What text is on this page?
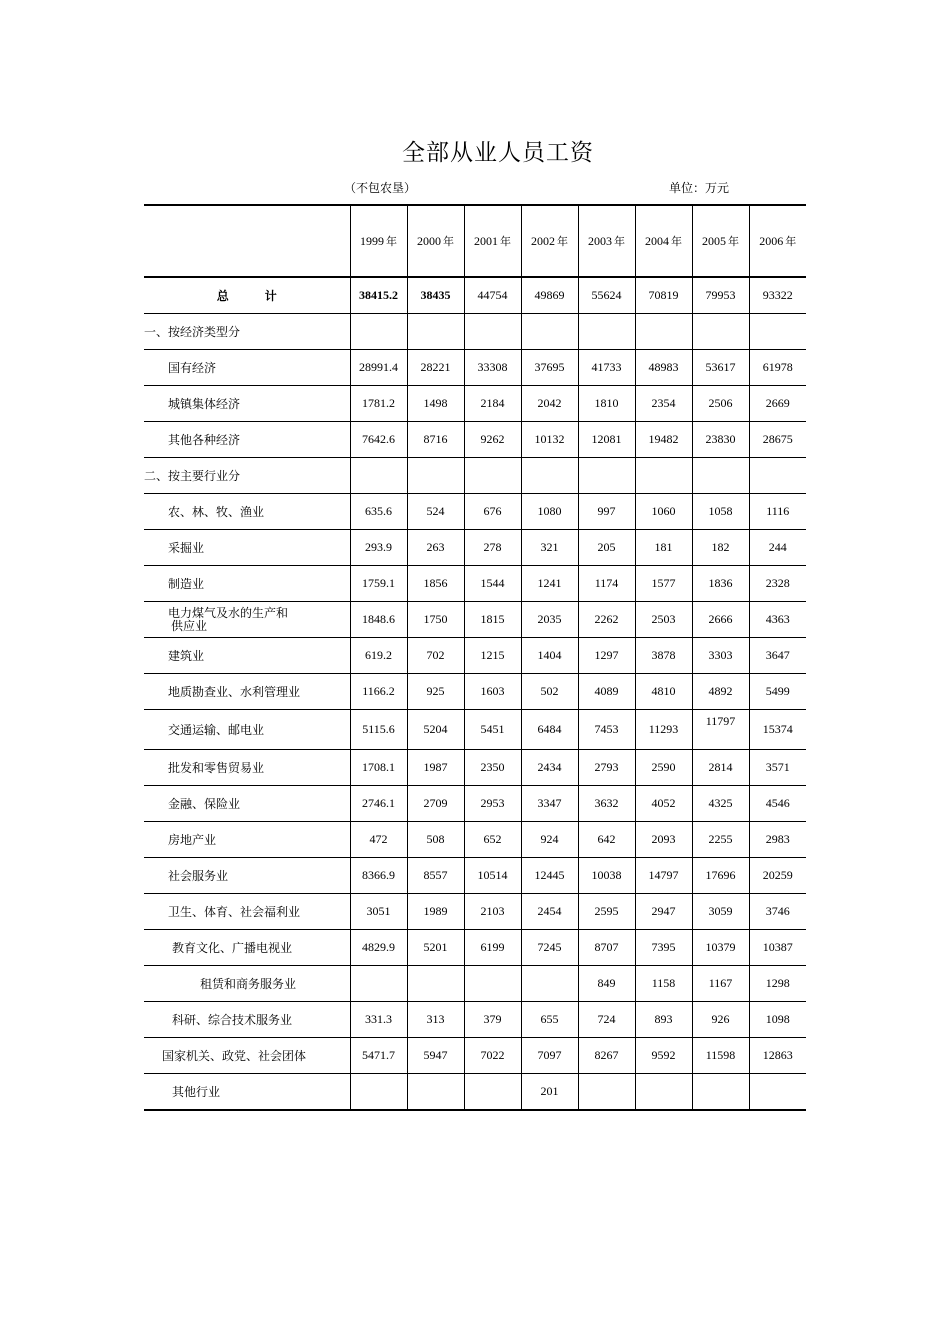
全部从业人员工资
（不包农垦）	单位：万元
	1999 年	2000 年	2001 年	2002 年	2003 年	2004 年	2005 年	2006 年
总 计	38415.2	38435	44754	49869	55624	70819	79953	93322
一、按经济类型分								
国有经济	28991.4	28221	33308	37695	41733	48983	53617	61978
城镇集体经济	1781.2	1498	2184	2042	1810	2354	2506	2669
其他各种经济	7642.6	8716	9262	10132	12081	19482	23830	28675
二、按主要行业分								
农、林、牧、渔业	635.6	524	676	1080	997	1060	1058	1116
采掘业	293.9	263	278	321	205	181	182	244
制造业	1759.1	1856	1544	1241	1174	1577	1836	2328

电力煤气及水的生产和
供应业	1848.6	1750	1815	2035	2262	2503	2666	4363
建筑业	619.2	702	1215	1404	1297	3878	3303	3647
地质勘查业、水利管理业	1166.2	925	1603	502	4089	4810	4892	5499
交通运输、邮电业	5115.6	5204	5451	6484	7453	11293	11797	15374
批发和零售贸易业	1708.1	1987	2350	2434	2793	2590	2814	3571
金融、保险业	2746.1	2709	2953	3347	3632	4052	4325	4546
房地产业	472	508	652	924	642	2093	2255	2983
社会服务业	8366.9	8557	10514	12445	10038	14797	17696	20259
卫生、体育、社会福利业	3051	1989	2103	2454	2595	2947	3059	3746
教育文化、广播电视业	4829.9	5201	6199	7245	8707	7395	10379	10387
租赁和商务服务业					849	1158	1167	1298
科研、综合技术服务业	331.3	313	379	655	724	893	926	1098
国家机关、政党、社会团体	5471.7	5947	7022	7097	8267	9592	11598	12863
其他行业				201				
